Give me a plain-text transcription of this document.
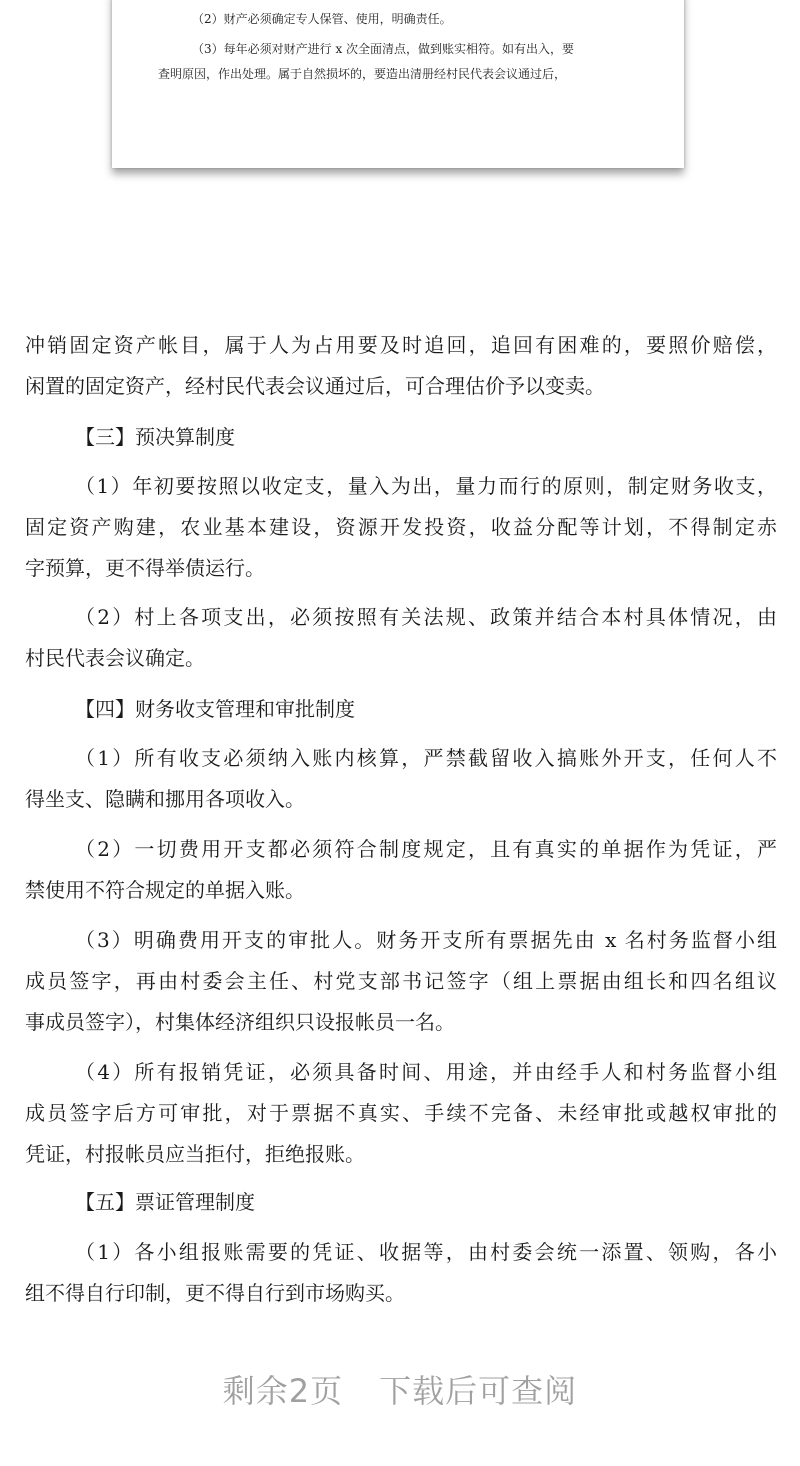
（2）财产必须确定专人保管、使用，明确责任。
（3）每年必须对财产进行 x 次全面清点，做到账实相符。如有出入，要
查明原因，作出处理。属于自然损坏的，要造出清册经村民代表会议通过后，
冲销固定资产帐目，属于人为占用要及时追回，追回有困难的，要照价赔偿，
闲置的固定资产，经村民代表会议通过后，可合理估价予以变卖。
【三】预决算制度
（1）年初要按照以收定支，量入为出，量力而行的原则，制定财务收支，
固定资产购建，农业基本建设，资源开发投资，收益分配等计划，不得制定赤
字预算，更不得举债运行。
（2）村上各项支出，必须按照有关法规、政策并结合本村具体情况，由
村民代表会议确定。
【四】财务收支管理和审批制度
（1）所有收支必须纳入账内核算，严禁截留收入搞账外开支，任何人不
得坐支、隐瞒和挪用各项收入。
（2）一切费用开支都必须符合制度规定，且有真实的单据作为凭证，严
禁使用不符合规定的单据入账。
（3）明确费用开支的审批人。财务开支所有票据先由 x 名村务监督小组
成员签字，再由村委会主任、村党支部书记签字（组上票据由组长和四名组议
事成员签字），村集体经济组织只设报帐员一名。
（4）所有报销凭证，必须具备时间、用途，并由经手人和村务监督小组
成员签字后方可审批，对于票据不真实、手续不完备、未经审批或越权审批的
凭证，村报帐员应当拒付，拒绝报账。
【五】票证管理制度
（1）各小组报账需要的凭证、收据等，由村委会统一添置、领购，各小
组不得自行印制，更不得自行到市场购买。
剩余2页 下载后可查阅
